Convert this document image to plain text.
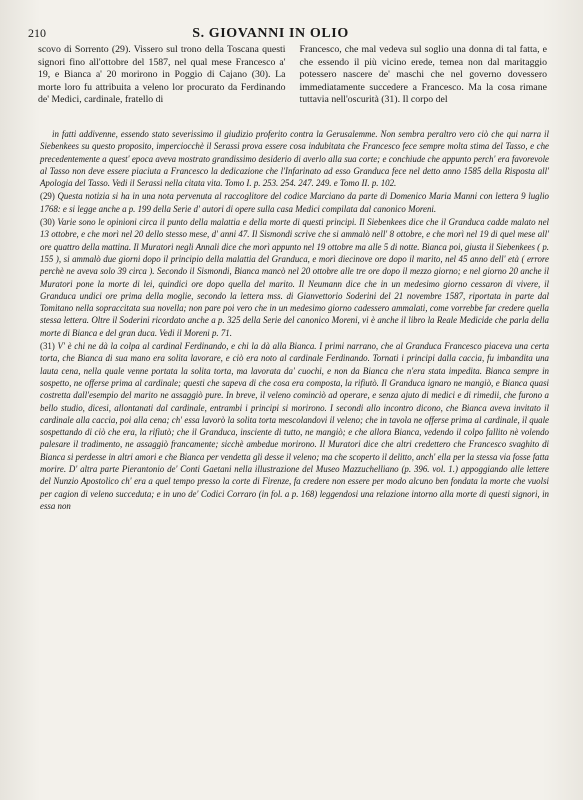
210	S. GIOVANNI IN OLIO

scovo di Sorrento (29). Vissero sul trono della Toscana questi signori fino all'ottobre del 1587, nel qual mese Francesco a' 19, e Bianca a' 20 morirono in Poggio di Cajano (30). La morte loro fu attribuita a veleno lor procurato da Ferdinando de' Medici, cardinale, fratello di

Francesco, che mal vedeva sul soglio una donna di tal fatta, e che essendo il più vicino erede, temea non dal maritaggio potessero nascere de' maschi che nel governo dovessero immediatamente succedere a Francesco. Ma la cosa rimane tuttavia nell'oscurità (31). Il corpo del

in fatti addivenne, essendo stato severissimo il giudizio proferito contra la Gerusalemme. Non sembra peraltro vero ciò che qui narra il Siebenkees su questo proposito, imperciocchè il Serassi prova essere cosa indubitata che Francesco fece sempre molta stima del Tasso, e che precedentemente a quest' epoca aveva mostrato grandissimo desiderio di averlo alla sua corte; e conchiude che appunto perch' era favorevole al Tasso non deve essere piaciuta a Francesco la dedicazione che l'Infarinato ad esso Granduca fece nel detto anno 1585 della Risposta all' Apologia del Tasso. Vedi il Serassi nella citata vita. Tomo I. p. 253. 254. 247. 249. e Tomo II. p. 102.

(29) Questa notizia si ha in una nota pervenuta al raccoglitore del codice Marciano da parte di Domenico Maria Manni con lettera 9 luglio 1768: e si legge anche a p. 199 della Serie d' autori di opere sulla casa Medici compilata dal canonico Moreni.

(30) Varie sono le opinioni circa il punto della malattia e della morte di questi principi. Il Siebenkees dice che il Granduca cadde malato nel 13 ottobre, e che morì nel 20 dello stesso mese, d' anni 47. Il Sismondi scrive che si ammalò nell' 8 ottobre, e che morì nel 19 di quel mese all' ore quattro della mattina. Il Muratori negli Annali dice che morì appunto nel 19 ottobre ma alle 5 di notte. Bianca poi, giusta il Siebenkees ( p. 155 ), si ammalò due giorni dopo il principio della malattia del Granduca, e morì diecinove ore dopo il marito, nel 45 anno dell' età ( errore perchè ne aveva solo 39 circa ). Secondo il Sismondi, Bianca mancò nel 20 ottobre alle tre ore dopo il mezzo giorno; e nel giorno 20 anche il Muratori pone la morte di lei, quindici ore dopo quella del marito. Il Neumann dice che in un medesimo giorno cessaron di vivere, il Granduca undici ore prima della moglie, secondo la lettera mss. di Gianvettorio Soderini del 21 novembre 1587, riportata in parte dal Tomitano nella sopraccitata sua novella; non pare poi vero che in un medesimo giorno cadessero ammalati, come vorrebbe far credere quella stessa lettera. Oltre il Soderini ricordato anche a p. 325 della Serie del canonico Moreni, vi è anche il libro la Reale Medicide che parla della morte di Bianca e del gran duca. Vedi il Moreni p. 71.

(31) V' è chi ne dà la colpa al cardinal Ferdinando, e chi la dà alla Bianca. I primi narrano, che al Granduca Francesco piaceva una certa torta, che Bianca di sua mano era solita lavorare, e ciò era noto al cardinale Ferdinando. Tornati i principi dalla caccia, fu imbandita una lauta cena, nella quale venne portata la solita torta, ma lavorata da' cuochi, e non da Bianca che n'era stata impedita. Bianca sempre in sospetto, ne offerse prima al cardinale; questi che sapeva di che cosa era composta, la rifiutò. Il Granduca ignaro ne mangiò, e Bianca quasi costretta dall'esempio del marito ne assaggiò pure. In breve, il veleno cominciò ad operare, e senza ajuto di medici e di rimedii, che furono a bello studio, dicesi, allontanati dal cardinale, entrambi i principi si morirono. I secondi allo incontro dicono, che Bianca aveva invitato il cardinale alla caccia, poi alla cena; ch' essa lavorò la solita torta mescolandovi il veleno; che in tavola ne offerse prima al cardinale, il quale sospettando di ciò che era, la rifiutò; che il Granduca, insciente di tutto, ne mangiò; e che allora Bianca, vedendo il colpo fallito nè volendo palesare il tradimento, ne assaggiò francamente; sicchè ambedue morirono. Il Muratori dice che altri credettero che Francesco svaghito di Bianca si perdesse in altri amori e che Bianca per vendetta gli desse il veleno; ma che scoperto il delitto, anch' ella per la stessa via fosse fatta morire. D' altra parte Pierantonio de' Conti Gaetani nella illustrazione del Museo Mazzuchelliano (p. 396. vol. 1.) appoggiando alle lettere del Nunzio Apostolico ch' era a quel tempo presso la corte di Firenze, fa credere non essere per modo alcuno ben fondata la morte che vuolsi per cagion di veleno succeduta; e in uno de' Codici Corraro (in fol. a p. 168) leggendosi una relazione intorno alla morte di questi signori, in essa non
